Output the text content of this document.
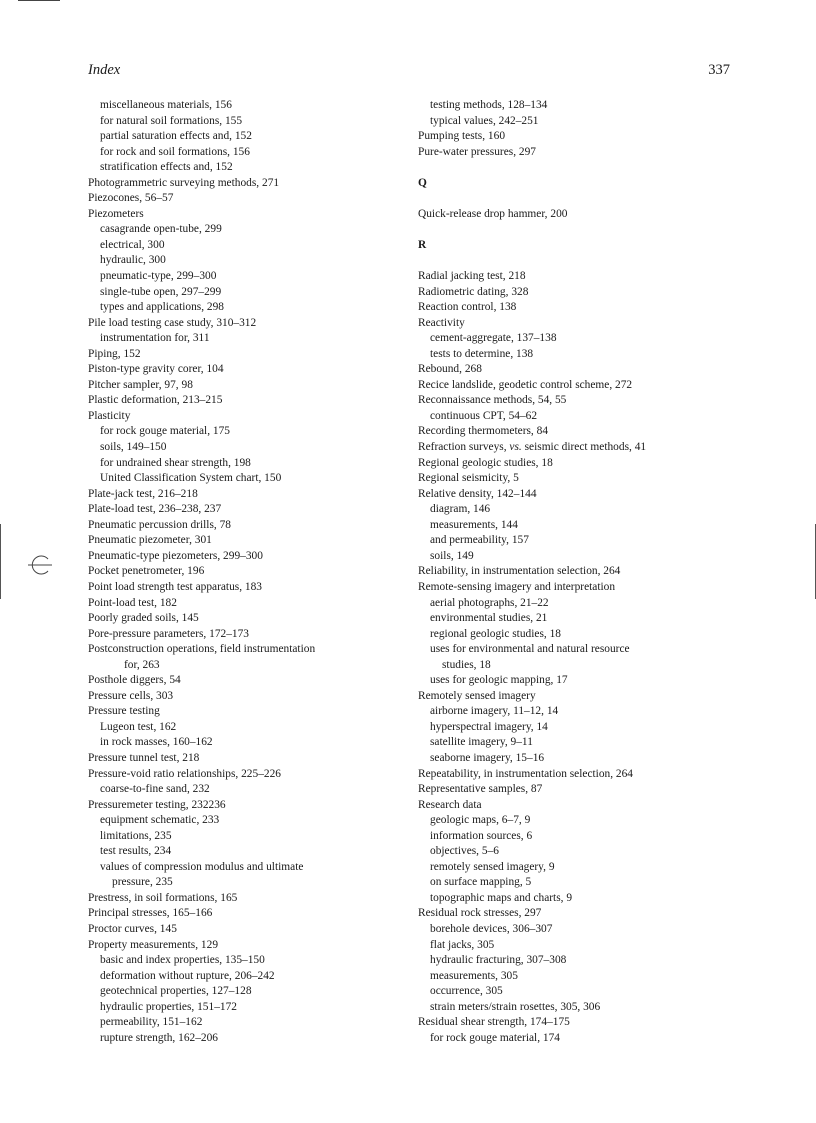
Index	337
miscellaneous materials, 156
for natural soil formations, 155
partial saturation effects and, 152
for rock and soil formations, 156
stratification effects and, 152
Photogrammetric surveying methods, 271
Piezocones, 56–57
Piezometers
casagrande open-tube, 299
electrical, 300
hydraulic, 300
pneumatic-type, 299–300
single-tube open, 297–299
types and applications, 298
Pile load testing case study, 310–312
instrumentation for, 311
Piping, 152
Piston-type gravity corer, 104
Pitcher sampler, 97, 98
Plastic deformation, 213–215
Plasticity
for rock gouge material, 175
soils, 149–150
for undrained shear strength, 198
United Classification System chart, 150
Plate-jack test, 216–218
Plate-load test, 236–238, 237
Pneumatic percussion drills, 78
Pneumatic piezometer, 301
Pneumatic-type piezometers, 299–300
Pocket penetrometer, 196
Point load strength test apparatus, 183
Point-load test, 182
Poorly graded soils, 145
Pore-pressure parameters, 172–173
Postconstruction operations, field instrumentation
for, 263
Posthole diggers, 54
Pressure cells, 303
Pressure testing
Lugeon test, 162
in rock masses, 160–162
Pressure tunnel test, 218
Pressure-void ratio relationships, 225–226
coarse-to-fine sand, 232
Pressuremeter testing, 232236
equipment schematic, 233
limitations, 235
test results, 234
values of compression modulus and ultimate
pressure, 235
Prestress, in soil formations, 165
Principal stresses, 165–166
Proctor curves, 145
Property measurements, 129
basic and index properties, 135–150
deformation without rupture, 206–242
geotechnical properties, 127–128
hydraulic properties, 151–172
permeability, 151–162
rupture strength, 162–206
testing methods, 128–134
typical values, 242–251
Pumping tests, 160
Pure-water pressures, 297
Q
Quick-release drop hammer, 200
R
Radial jacking test, 218
Radiometric dating, 328
Reaction control, 138
Reactivity
cement-aggregate, 137–138
tests to determine, 138
Rebound, 268
Recice landslide, geodetic control scheme, 272
Reconnaissance methods, 54, 55
continuous CPT, 54–62
Recording thermometers, 84
Refraction surveys, vs. seismic direct methods, 41
Regional geologic studies, 18
Regional seismicity, 5
Relative density, 142–144
diagram, 146
measurements, 144
and permeability, 157
soils, 149
Reliability, in instrumentation selection, 264
Remote-sensing imagery and interpretation
aerial photographs, 21–22
environmental studies, 21
regional geologic studies, 18
uses for environmental and natural resource
studies, 18
uses for geologic mapping, 17
Remotely sensed imagery
airborne imagery, 11–12, 14
hyperspectral imagery, 14
satellite imagery, 9–11
seaborne imagery, 15–16
Repeatability, in instrumentation selection, 264
Representative samples, 87
Research data
geologic maps, 6–7, 9
information sources, 6
objectives, 5–6
remotely sensed imagery, 9
on surface mapping, 5
topographic maps and charts, 9
Residual rock stresses, 297
borehole devices, 306–307
flat jacks, 305
hydraulic fracturing, 307–308
measurements, 305
occurrence, 305
strain meters/strain rosettes, 305, 306
Residual shear strength, 174–175
for rock gouge material, 174
